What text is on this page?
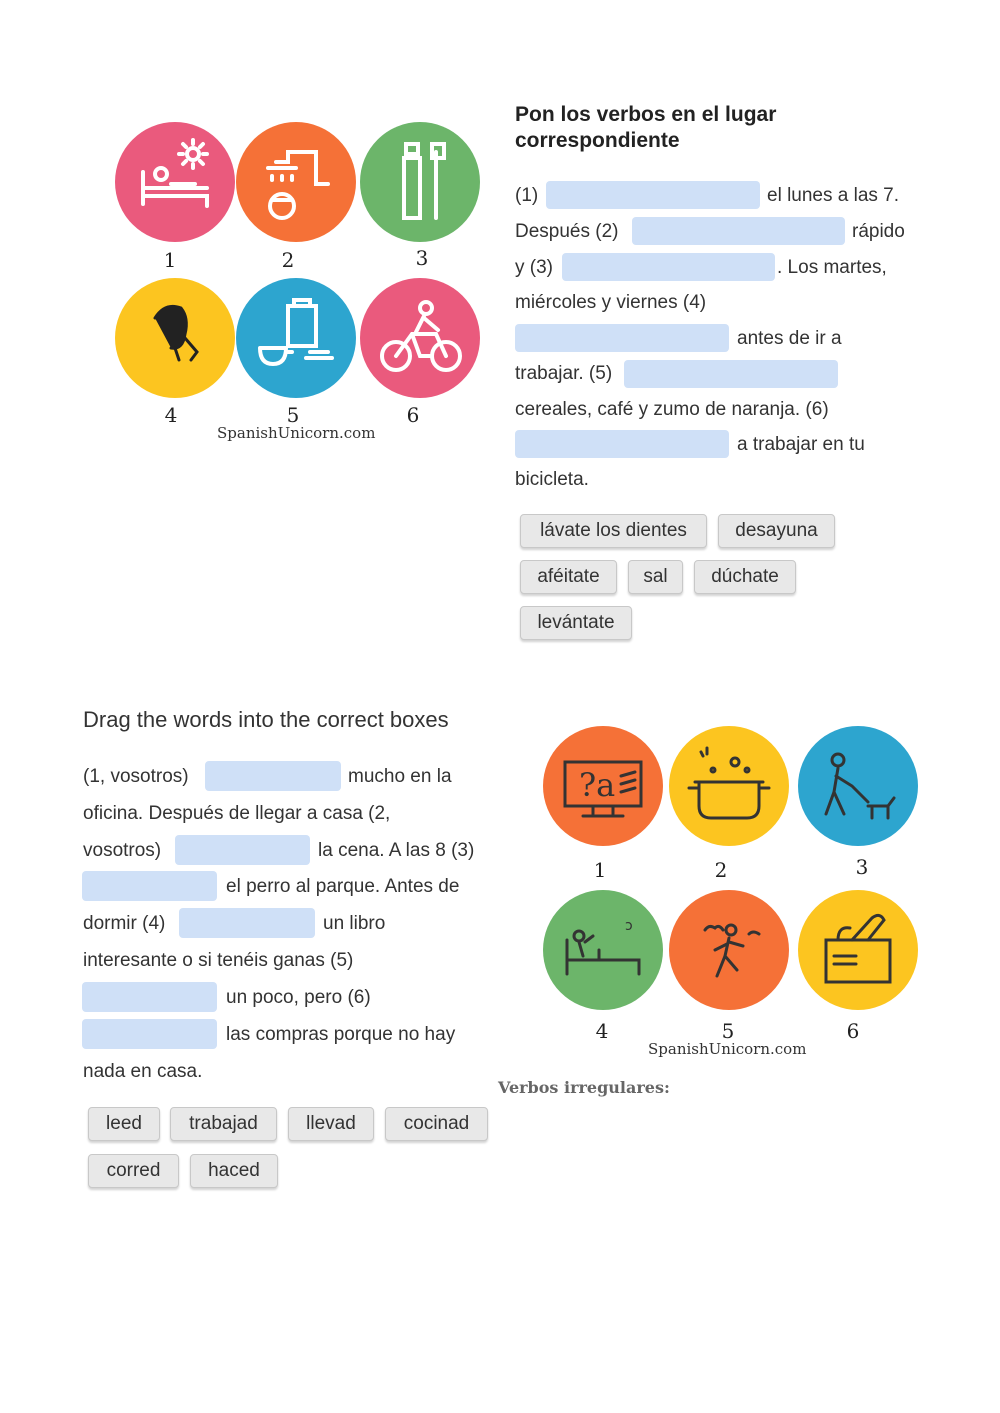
1	2	3
4	5	6
SpanishUnicorn.com
Pon los verbos en el lugar correspondiente
(1)	el lunes a las 7.
Después (2)	rápido
y (3)	. Los martes,
miércoles y viernes (4)
antes de ir a
trabajar. (5)
cereales, café y zumo de naranja. (6)
a trabajar en tu
bicicleta.
lávate los dientes	desayuna
aféitate	sal	dúchate
levántate
Drag the words into the correct boxes
(1, vosotros)	mucho en la
oficina. Después de llegar a casa (2,
vosotros)	la cena. A las 8 (3)
el perro al parque. Antes de
dormir (4)	un libro
interesante o si tenéis ganas (5)
un poco, pero (6)
las compras porque no hay
nada en casa.
leed	trabajad	llevad	cocinad
corred	haced
?a
ↄ
1	2	3
4	5	6
SpanishUnicorn.com
Verbos irregulares:
